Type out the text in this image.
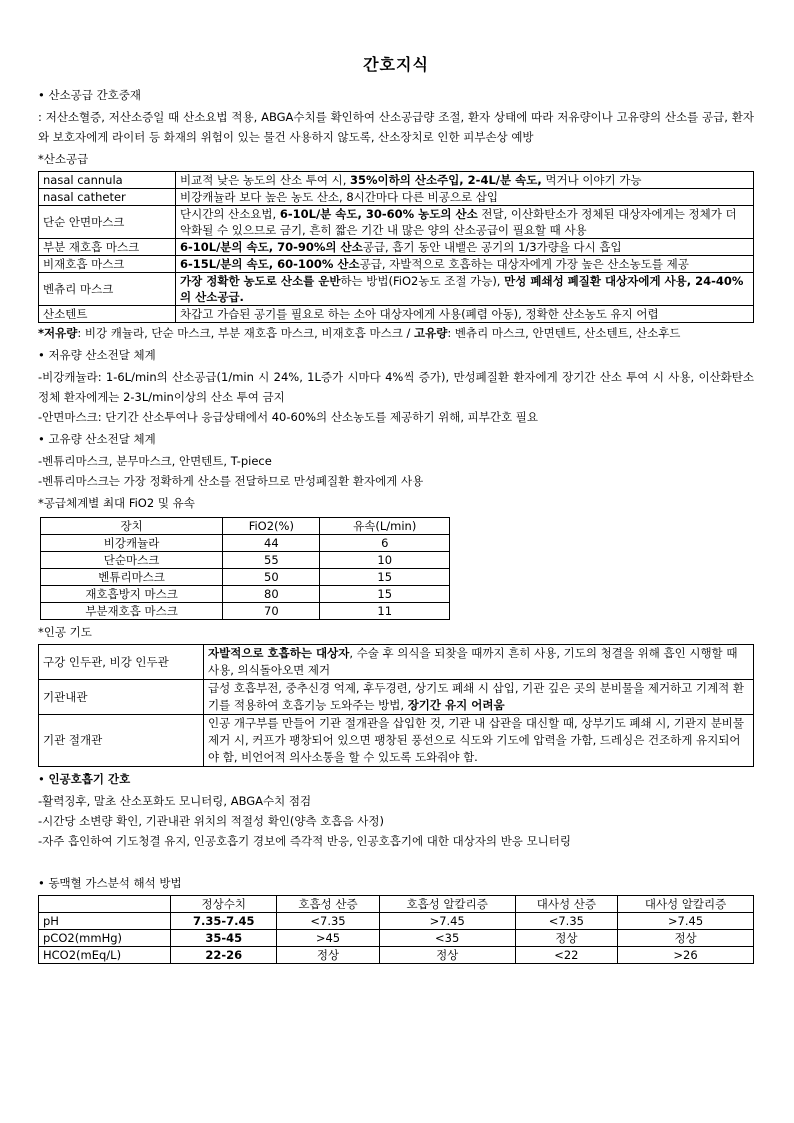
간호지식
• 산소공급 간호중재

: 저산소혈증, 저산소증일 때 산소요법 적용, ABGA수치를 확인하여 산소공급량 조절, 환자 상태에 따라 저유량이나 고유량의 산소를 공급, 환자와 보호자에게 라이터 등 화재의 위험이 있는 물건 사용하지 않도록, 산소장치로 인한 피부손상 예방

*산소공급
nasal cannula	비교적 낮은 농도의 산소 투여 시, 35%이하의 산소주입, 2-4L/분 속도, 먹거나 이야기 가능
nasal catheter	비강캐뉼라 보다 높은 농도 산소, 8시간마다 다른 비공으로 삽입
단순 안면마스크	단시간의 산소요법, 6-10L/분 속도, 30-60% 농도의 산소 전달, 이산화탄소가 정체된 대상자에게는 정체가 더 악화될 수 있으므로 금기, 흔히 짧은 기간 내 많은 양의 산소공급이 필요할 때 사용
부분 재호흡 마스크	6-10L/분의 속도, 70-90%의 산소공급, 흡기 동안 내뱉은 공기의 1/3가량을 다시 흡입
비재호흡 마스크	6-15L/분의 속도, 60-100% 산소공급, 자발적으로 호흡하는 대상자에게 가장 높은 산소농도를 제공
벤츄리 마스크	가장 정확한 농도로 산소를 운반하는 방법(FiO2농도 조절 가능), 만성 폐쇄성 폐질환 대상자에게 사용, 24-40%의 산소공급.
산소텐트	차갑고 가습된 공기를 필요로 하는 소아 대상자에게 사용(폐렴 아동), 정확한 산소농도 유지 어렵

*저유량: 비강 캐뉼라, 단순 마스크, 부분 재호흡 마스크, 비재호흡 마스크 / 고유량: 벤츄리 마스크, 안면텐트, 산소텐트, 산소후드

• 저유량 산소전달 체계

-비강캐뉼라: 1-6L/min의 산소공급(1/min 시 24%, 1L증가 시마다 4%씩 증가), 만성폐질환 환자에게 장기간 산소 투여 시 사용, 이산화탄소 정체 환자에게는 2-3L/min이상의 산소 투여 금지

-안면마스크: 단기간 산소투여나 응급상태에서 40-60%의 산소농도를 제공하기 위해, 피부간호 필요

• 고유량 산소전달 체계

-벤튜리마스크, 분무마스크, 안면텐트, T-piece

-벤튜리마스크는 가장 정확하게 산소를 전달하므로 만성폐질환 환자에게 사용

*공급체계별 최대 FiO2 및 유속
장치	FiO2(%)	유속(L/min)
비강캐뉼라	44	6
단순마스크	55	10
벤튜리마스크	50	15
재호흡방지 마스크	80	15
부분재호흡 마스크	70	11
*인공 기도
구강 인두관, 비강 인두관	자발적으로 호흡하는 대상자, 수술 후 의식을 되찾을 때까지 흔히 사용, 기도의 청결을 위해 흡인 시행할 때 사용, 의식돌아오면 제거
기관내관	급성 호흡부전, 중추신경 억제, 후두경련, 상기도 폐쇄 시 삽입, 기관 깊은 곳의 분비물을 제거하고 기계적 환기를 적용하여 호흡기능 도와주는 방법, 장기간 유지 어려움
기관 절개관	인공 개구부를 만들어 기관 절개관을 삽입한 것, 기관 내 삽관을 대신할 때, 상부기도 폐쇄 시, 기관지 분비물 제거 시, 커프가 팽창되어 있으면 팽창된 풍선으로 식도와 기도에 압력을 가함, 드레싱은 건조하게 유지되어야 함, 비언어적 의사소통을 할 수 있도록 도와줘야 함.
• 인공호흡기 간호

-활력징후, 말초 산소포화도 모니터링, ABGA수치 점검

-시간당 소변량 확인, 기관내관 위치의 적절성 확인(양측 호흡음 사정)

-자주 흡인하여 기도청결 유지, 인공호흡기 경보에 즉각적 반응, 인공호흡기에 대한 대상자의 반응 모니터링

• 동맥혈 가스분석 해석 방법
	정상수치	호흡성 산증	호흡성 알칼리증	대사성 산증	대사성 알칼리증
pH	7.35-7.45	<7.35	>7.45	<7.35	>7.45
pCO2(mmHg)	35-45	>45	<35	정상	정상
HCO2(mEq/L)	22-26	정상	정상	<22	>26
